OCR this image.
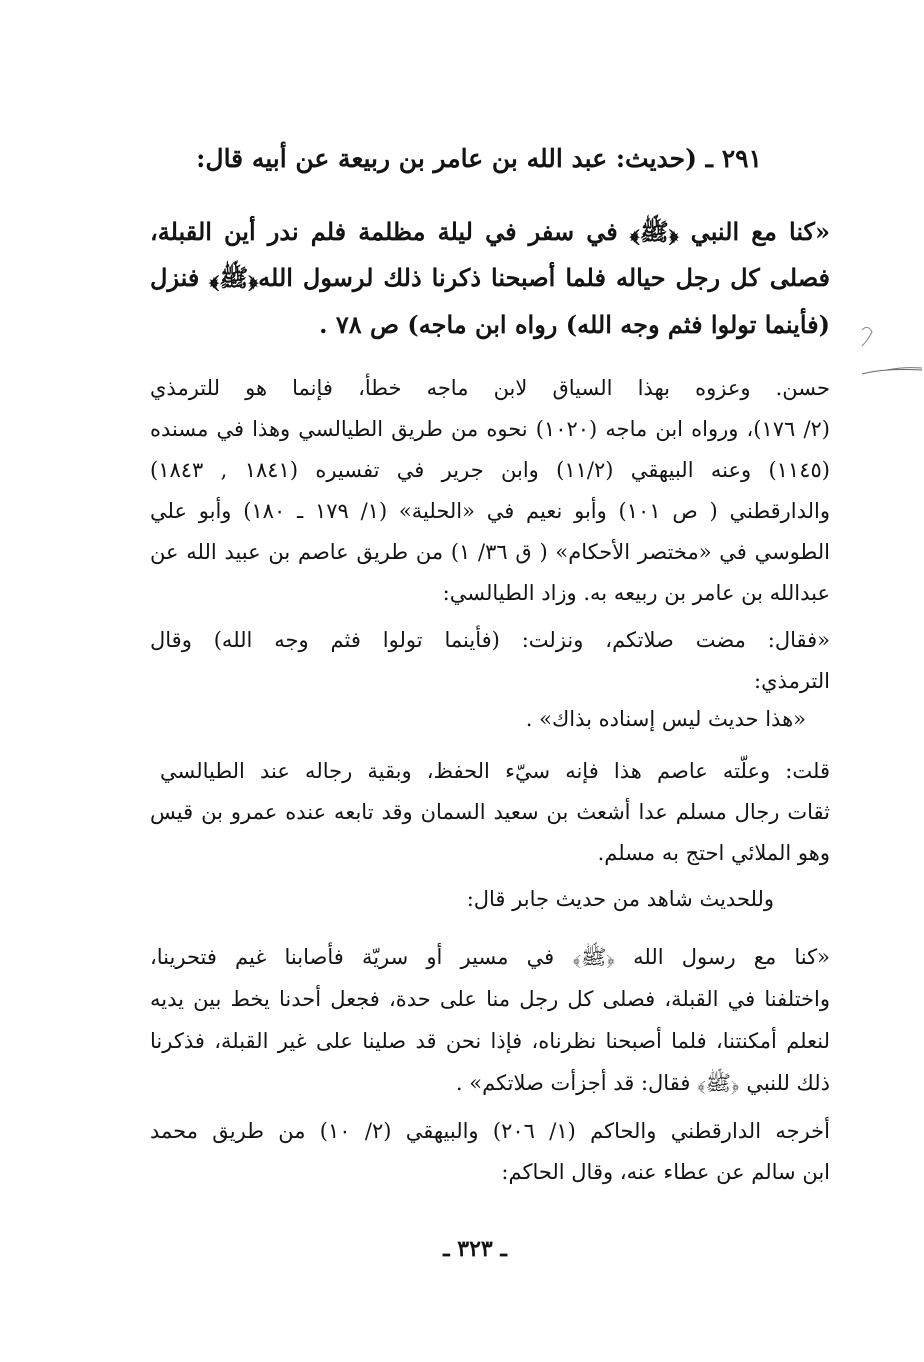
٢٩١ ـ (حديث: عبد الله بن عامر بن ربيعة عن أبيه قال:
«كنا مع النبي ﴿ﷺ﴾ في سفر في ليلة مظلمة فلم ندر أين القبلة،
فصلى كل رجل حياله فلما أصبحنا ذكرنا ذلك لرسول الله﴿ﷺ﴾ فنزل
(فأينما تولوا فثم وجه الله) رواه ابن ماجه) ص ٧٨ .
حسن. وعزوه بهذا السياق لابن ماجه خطأ، فإنما هو للترمذي
(٢/ ١٧٦)، ورواه ابن ماجه (١٠٢٠) نحوه من طريق الطيالسي وهذا في مسنده
(١١٤٥) وعنه البيهقي (١١/٢) وابن جرير في تفسيره (١٨٤١ , ١٨٤٣)
والدارقطني ( ص ١٠١) وأبو نعيم في «الحلية» (١/ ١٧٩ ـ ١٨٠) وأبو علي
الطوسي في «مختصر الأحكام» ( ق ٣٦/ ١) من طريق عاصم بن عبيد الله عن
عبدالله بن عامر بن ربيعه به. وزاد الطيالسي:
«فقال: مضت صلاتكم، ونزلت: (فأينما تولوا فثم وجه الله) وقال
الترمذي:
«هذا حديث ليس إسناده بذاك» .
قلت: وعلّته عاصم هذا فإنه سيّء الحفظ، وبقية رجاله عند الطيالسي
ثقات رجال مسلم عدا أشعث بن سعيد السمان وقد تابعه عنده عمرو بن قيس
وهو الملائي احتج به مسلم.
وللحديث شاهد من حديث جابر قال:
«كنا مع رسول الله ﴿ﷺ﴾ في مسير أو سريّة فأصابنا غيم فتحرينا،
واختلفنا في القبلة، فصلى كل رجل منا على حدة، فجعل أحدنا يخط بين يديه
لنعلم أمكنتنا، فلما أصبحنا نظرناه، فإذا نحن قد صلينا على غير القبلة، فذكرنا
ذلك للنبي ﴿ﷺ﴾ فقال: قد أجزأت صلاتكم» .
أخرجه الدارقطني والحاكم (١/ ٢٠٦) والبيهقي (٢/ ١٠) من طريق محمد
ابن سالم عن عطاء عنه، وقال الحاكم:
ـ ٣٢٣ ـ
